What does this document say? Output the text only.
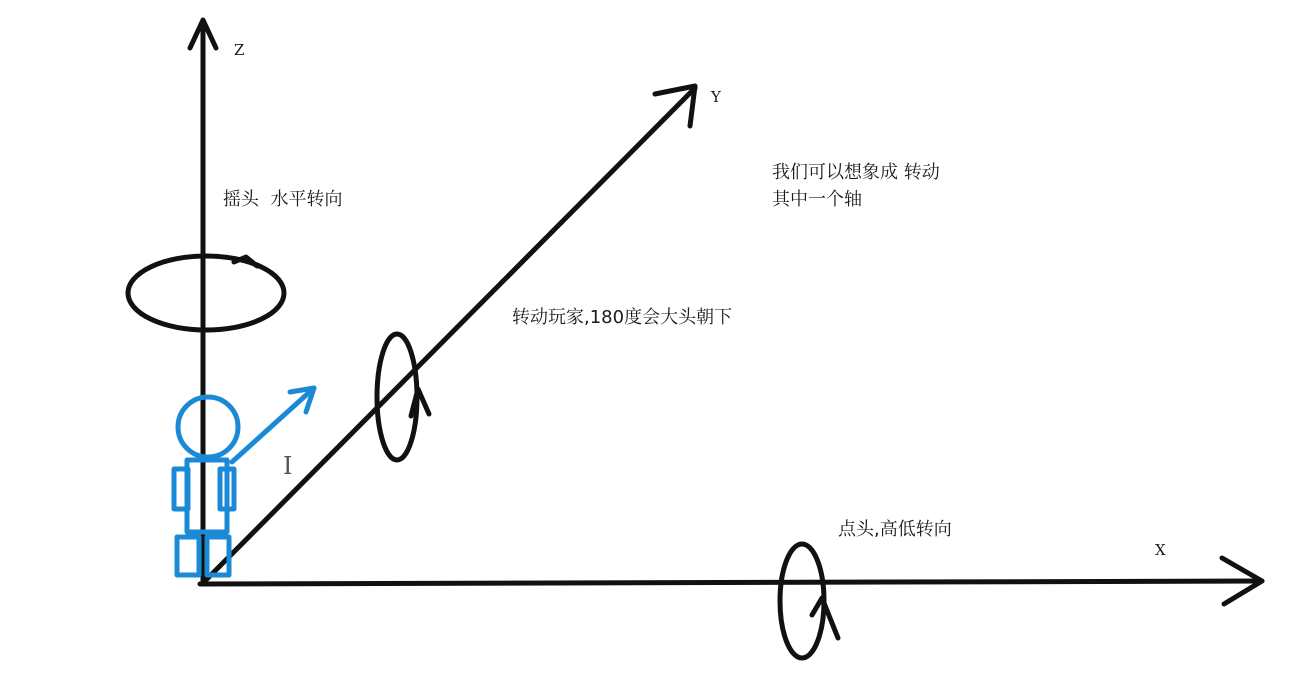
Z

Y

X

摇头  水平转向

转动玩家,180度会大头朝下

点头,高低转向

我们可以想象成 转动
其中一个轴
I
